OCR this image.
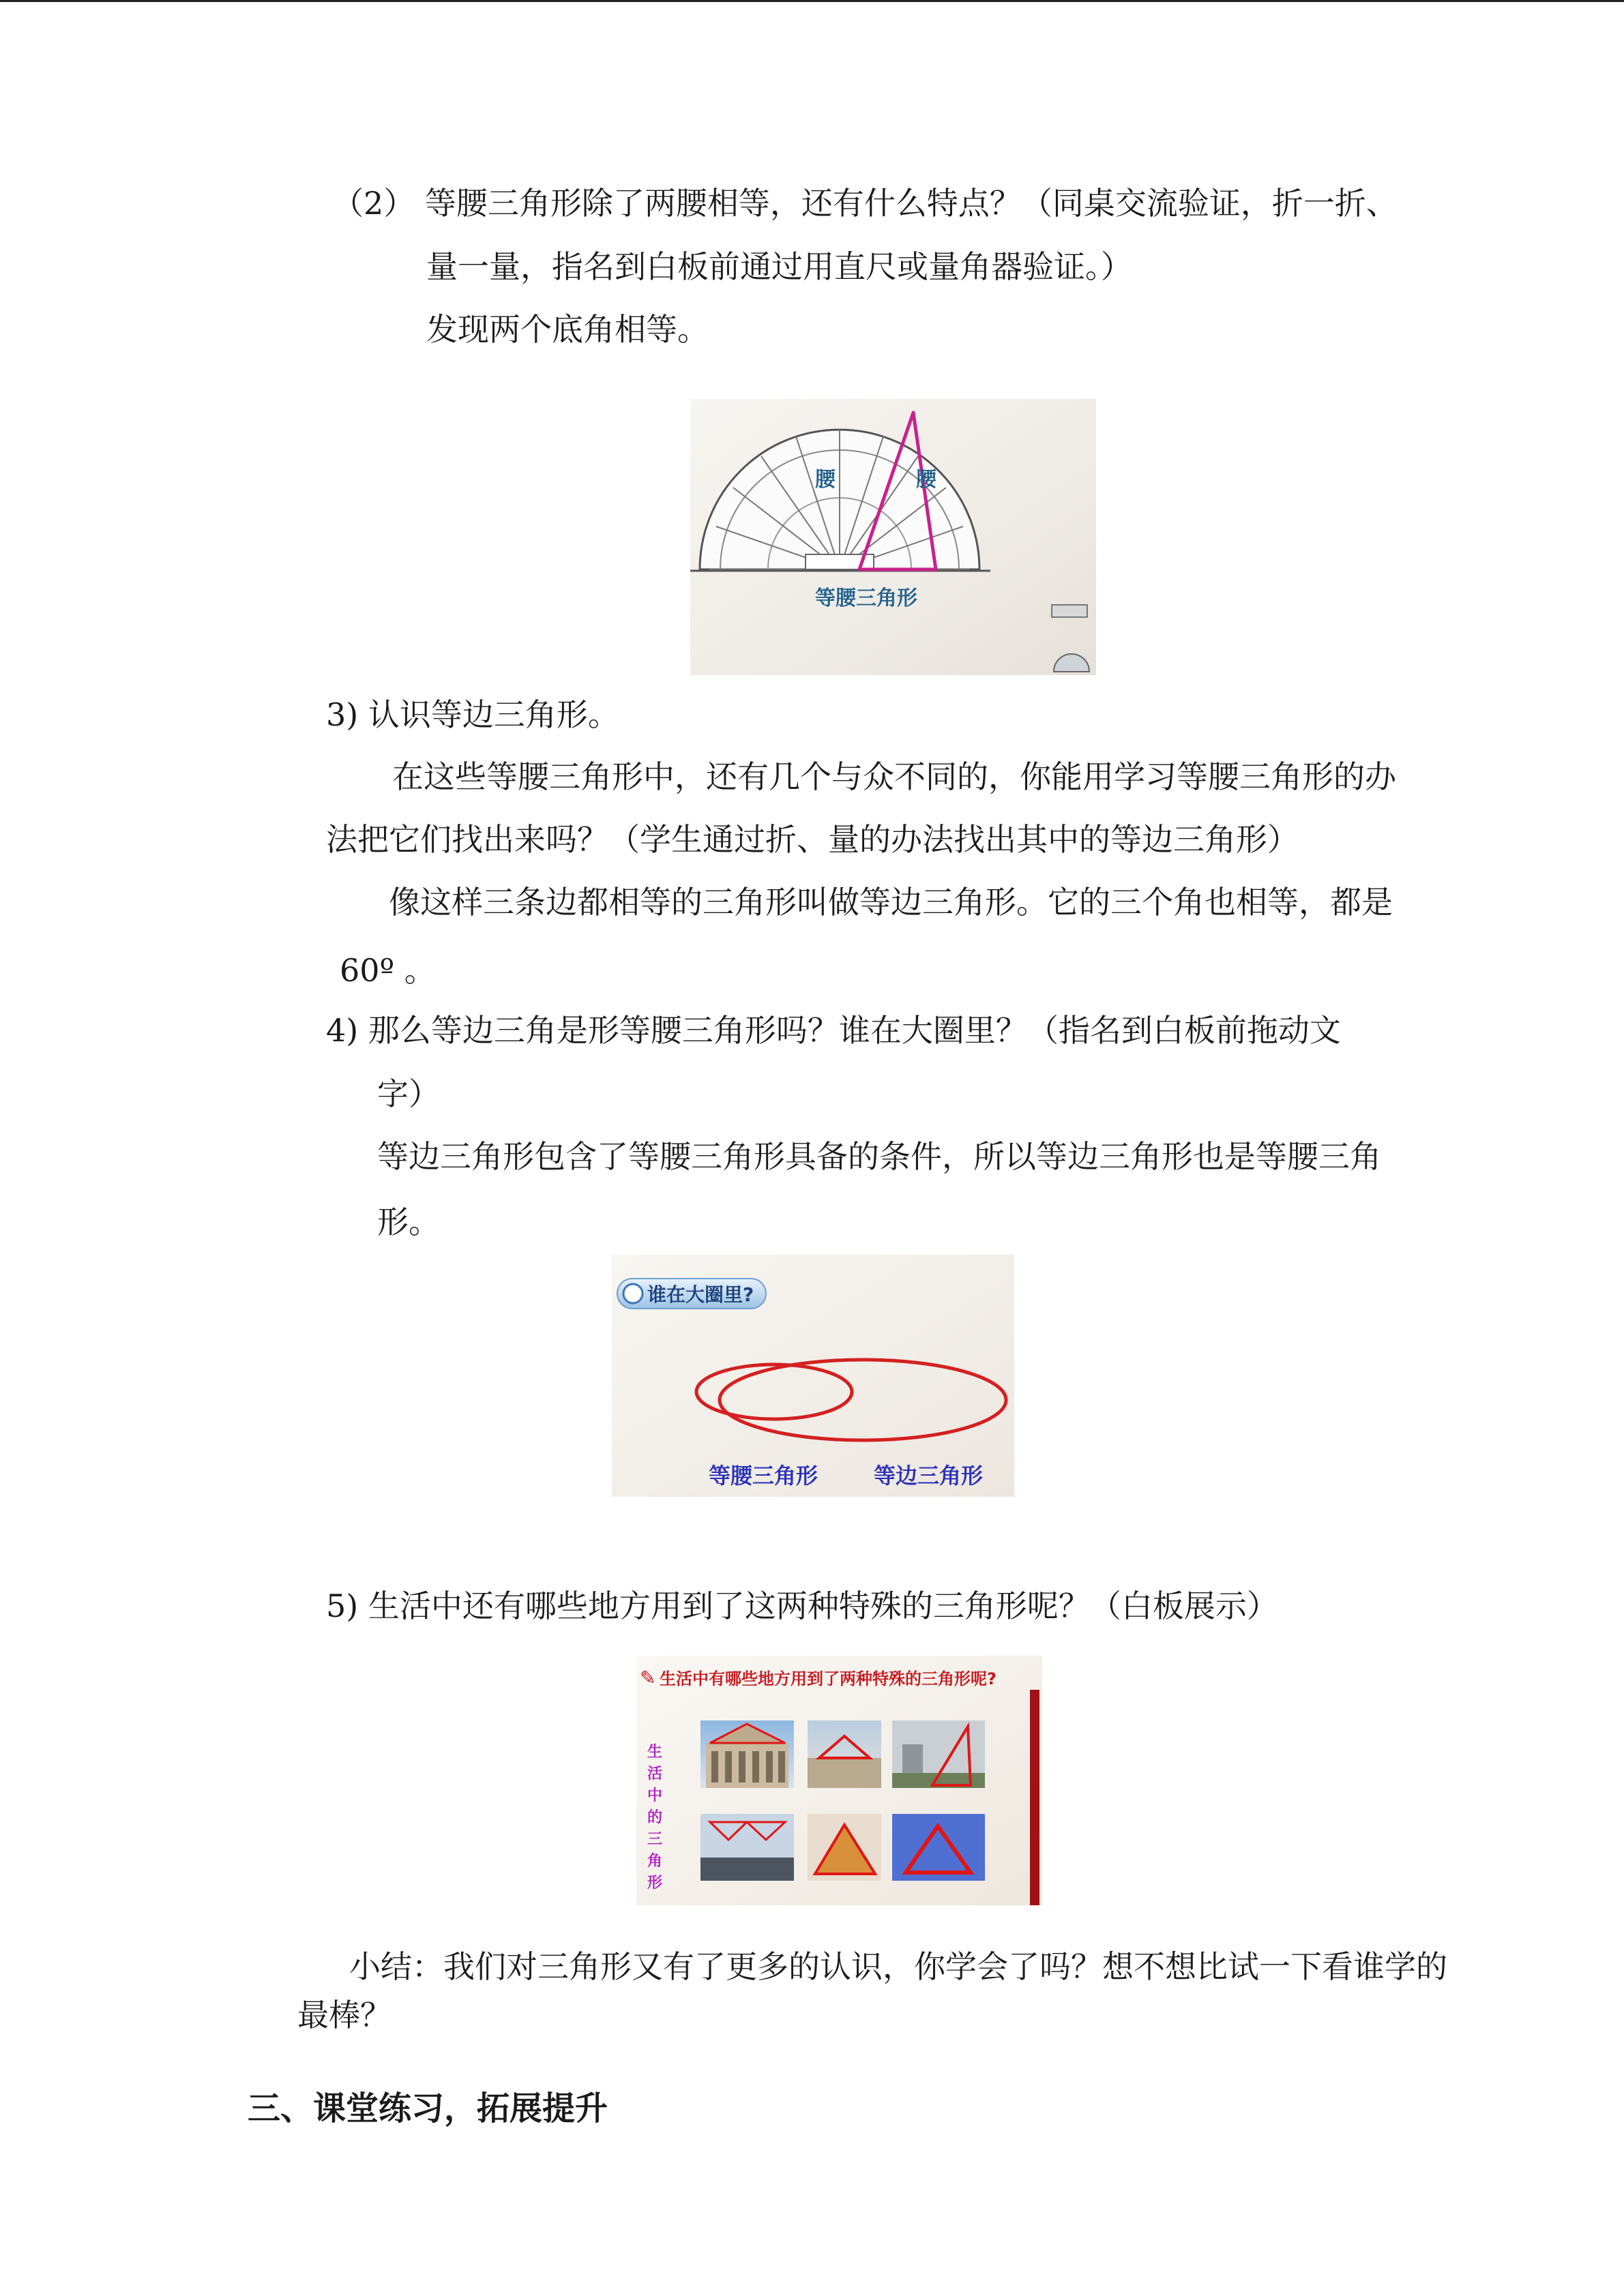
（2） 等腰三角形除了两腰相等，还有什么特点？（同桌交流验证，折一折、
量一量，指名到白板前通过用直尺或量角器验证。）
发现两个底角相等。
腰	腰
等腰三角形
3) 认识等边三角形。
在这些等腰三角形中，还有几个与众不同的，你能用学习等腰三角形的办
法把它们找出来吗？（学生通过折、量的办法找出其中的等边三角形）
像这样三条边都相等的三角形叫做等边三角形。它的三个角也相等，都是
60º 。
4) 那么等边三角是形等腰三角形吗？谁在大圈里？（指名到白板前拖动文
字）
等边三角形包含了等腰三角形具备的条件，所以等边三角形也是等腰三角
形。
谁在大圈里?
等腰三角形	等边三角形
5) 生活中还有哪些地方用到了这两种特殊的三角形呢？（白板展示）
✎ 生活中有哪些地方用到了两种特殊的三角形呢?
生
活
中
的
三
角
形
小结：我们对三角形又有了更多的认识，你学会了吗？想不想比试一下看谁学的
最棒？
三、课堂练习，拓展提升
